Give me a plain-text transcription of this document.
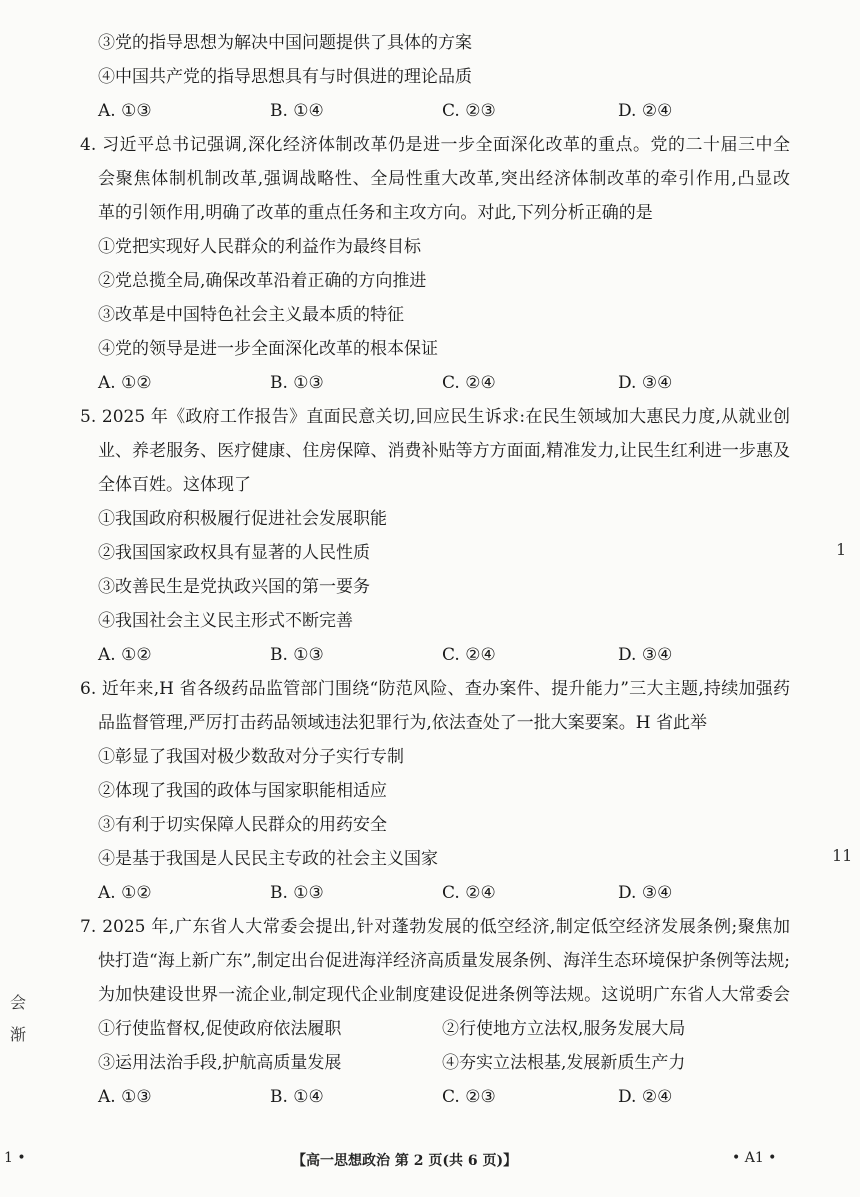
③党的指导思想为解决中国问题提供了具体的方案
④中国共产党的指导思想具有与时俱进的理论品质
A. ①③	B. ①④	C. ②③	D. ②④
4. 习近平总书记强调,深化经济体制改革仍是进一步全面深化改革的重点。党的二十届三中全
会聚焦体制机制改革,强调战略性、全局性重大改革,突出经济体制改革的牵引作用,凸显改
革的引领作用,明确了改革的重点任务和主攻方向。对此,下列分析正确的是
①党把实现好人民群众的利益作为最终目标
②党总揽全局,确保改革沿着正确的方向推进
③改革是中国特色社会主义最本质的特征
④党的领导是进一步全面深化改革的根本保证
A. ①②	B. ①③	C. ②④	D. ③④
5. 2025 年《政府工作报告》直面民意关切,回应民生诉求:在民生领域加大惠民力度,从就业创
业、养老服务、医疗健康、住房保障、消费补贴等方方面面,精准发力,让民生红利进一步惠及
全体百姓。这体现了
①我国政府积极履行促进社会发展职能
②我国国家政权具有显著的人民性质
③改善民生是党执政兴国的第一要务
④我国社会主义民主形式不断完善
A. ①②	B. ①③	C. ②④	D. ③④
6. 近年来,H 省各级药品监管部门围绕“防范风险、查办案件、提升能力”三大主题,持续加强药
品监督管理,严厉打击药品领域违法犯罪行为,依法查处了一批大案要案。H 省此举
①彰显了我国对极少数敌对分子实行专制
②体现了我国的政体与国家职能相适应
③有利于切实保障人民群众的用药安全
④是基于我国是人民民主专政的社会主义国家
A. ①②	B. ①③	C. ②④	D. ③④
7. 2025 年,广东省人大常委会提出,针对蓬勃发展的低空经济,制定低空经济发展条例;聚焦加
快打造“海上新广东”,制定出台促进海洋经济高质量发展条例、海洋生态环境保护条例等法规;
为加快建设世界一流企业,制定现代企业制度建设促进条例等法规。这说明广东省人大常委会
①行使监督权,促使政府依法履职	②行使地方立法权,服务发展大局
③运用法治手段,护航高质量发展	④夯实立法根基,发展新质生产力
A. ①③	B. ①④	C. ②③	D. ②④
1
11
会
渐
1 •	【高一思想政治 第 2 页(共 6 页)】	• A1 •
